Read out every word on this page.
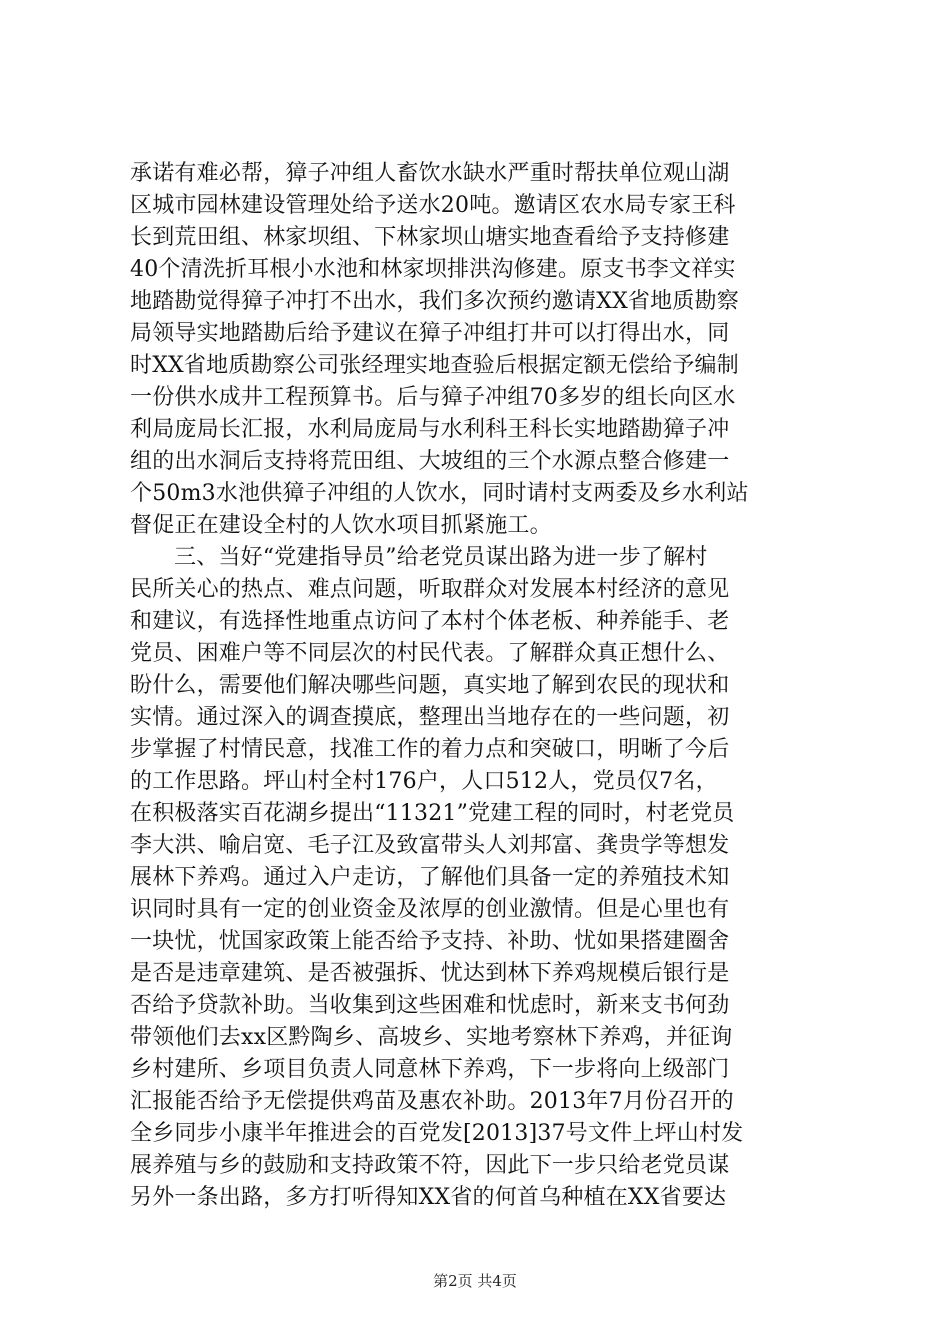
承诺有难必帮，獐子冲组人畜饮水缺水严重时帮扶单位观山湖
区城市园林建设管理处给予送水20吨。邀请区农水局专家王科
长到荒田组、林家坝组、下林家坝山塘实地查看给予支持修建
40个清洗折耳根小水池和林家坝排洪沟修建。原支书李文祥实
地踏勘觉得獐子冲打不出水，我们多次预约邀请XX省地质勘察
局领导实地踏勘后给予建议在獐子冲组打井可以打得出水，同
时XX省地质勘察公司张经理实地查验后根据定额无偿给予编制
一份供水成井工程预算书。后与獐子冲组70多岁的组长向区水
利局庞局长汇报，水利局庞局与水利科王科长实地踏勘獐子冲
组的出水洞后支持将荒田组、大坡组的三个水源点整合修建一
个50m3水池供獐子冲组的人饮水，同时请村支两委及乡水利站
督促正在建设全村的人饮水项目抓紧施工。
三、当好“党建指导员”给老党员谋出路为进一步了解村
民所关心的热点、难点问题，听取群众对发展本村经济的意见
和建议，有选择性地重点访问了本村个体老板、种养能手、老
党员、困难户等不同层次的村民代表。了解群众真正想什么、
盼什么，需要他们解决哪些问题，真实地了解到农民的现状和
实情。通过深入的调查摸底，整理出当地存在的一些问题，初
步掌握了村情民意，找准工作的着力点和突破口，明晰了今后
的工作思路。坪山村全村176户，人口512人，党员仅7名，
在积极落实百花湖乡提出“11321”党建工程的同时，村老党员
李大洪、喻启宽、毛子江及致富带头人刘邦富、龚贵学等想发
展林下养鸡。通过入户走访，了解他们具备一定的养殖技术知
识同时具有一定的创业资金及浓厚的创业激情。但是心里也有
一块忧，忧国家政策上能否给予支持、补助、忧如果搭建圈舍
是否是违章建筑、是否被强拆、忧达到林下养鸡规模后银行是
否给予贷款补助。当收集到这些困难和忧虑时，新来支书何劲
带领他们去xx区黔陶乡、高坡乡、实地考察林下养鸡，并征询
乡村建所、乡项目负责人同意林下养鸡，下一步将向上级部门
汇报能否给予无偿提供鸡苗及惠农补助。2013年7月份召开的
全乡同步小康半年推进会的百党发[2013]37号文件上坪山村发
展养殖与乡的鼓励和支持政策不符，因此下一步只给老党员谋
另外一条出路，多方打听得知XX省的何首乌种植在XX省要达
第2页 共4页
